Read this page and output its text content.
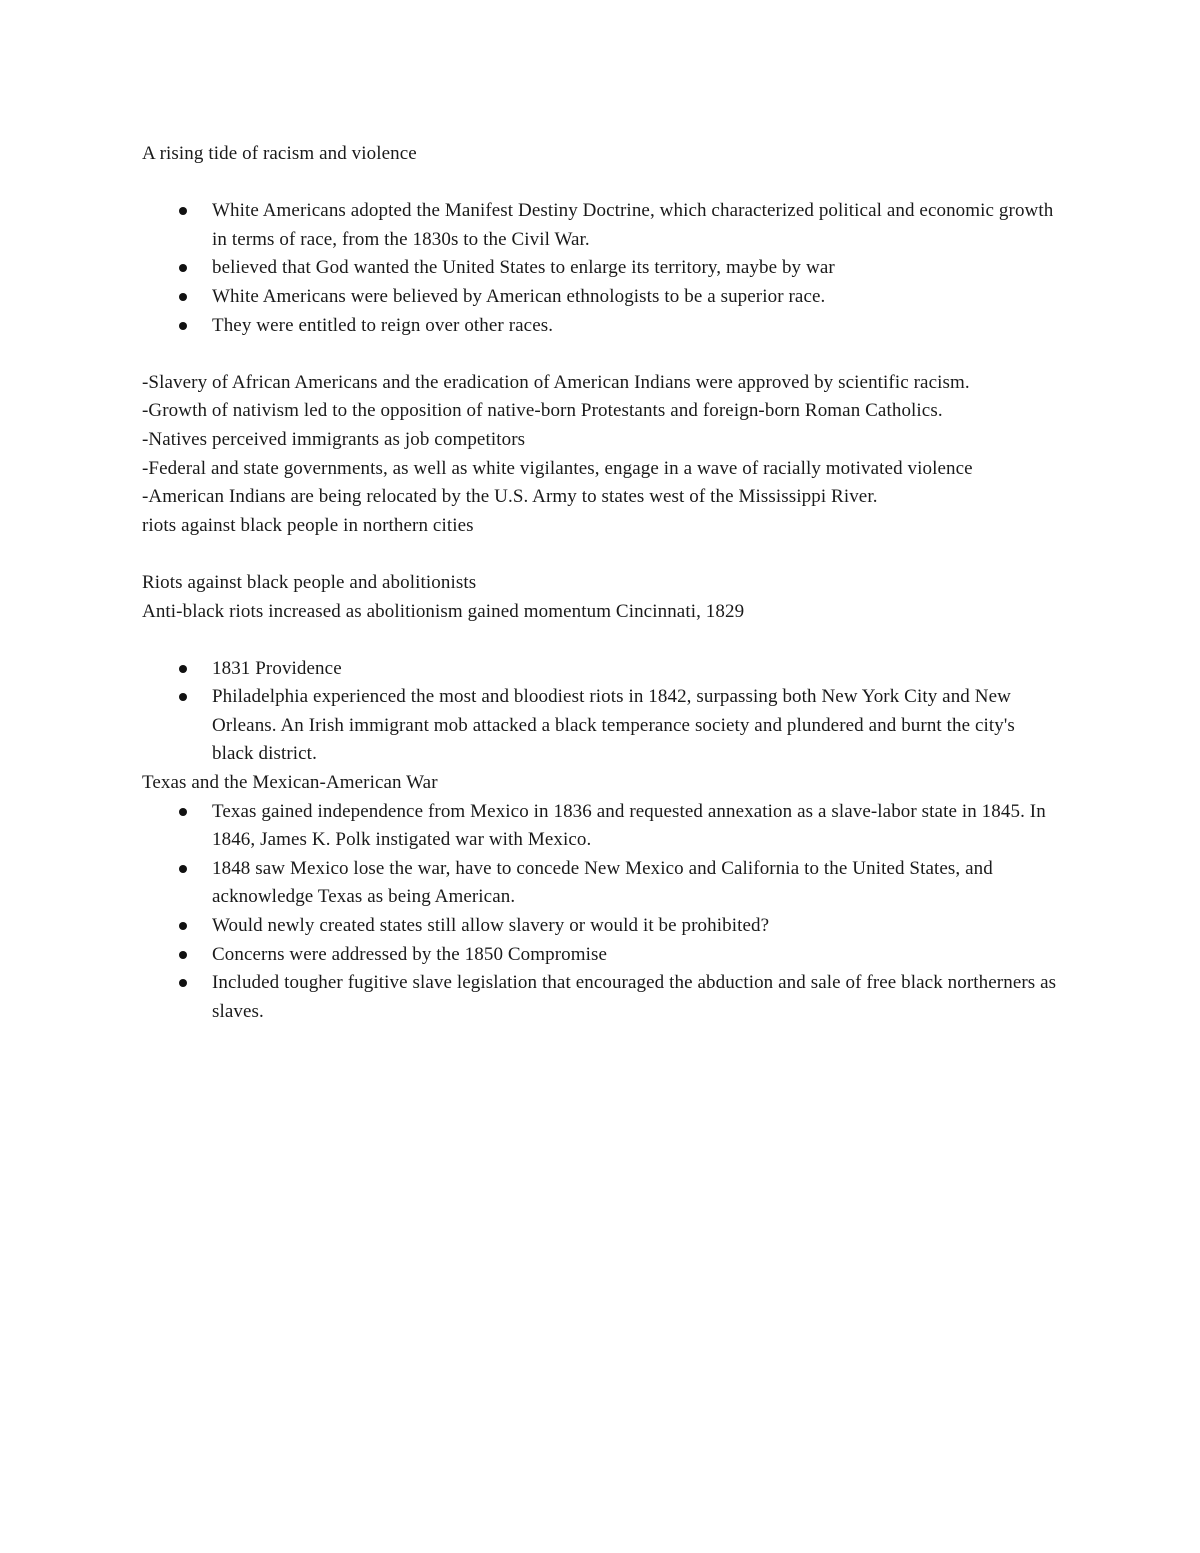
A rising tide of racism and violence

White Americans adopted the Manifest Destiny Doctrine, which characterized political and economic growth in terms of race, from the 1830s to the Civil War.
believed that God wanted the United States to enlarge its territory, maybe by war
White Americans were believed by American ethnologists to be a superior race.
They were entitled to reign over other races.

-Slavery of African Americans and the eradication of American Indians were approved by scientific racism.

-Growth of nativism led to the opposition of native-born Protestants and foreign-born Roman Catholics.

-Natives perceived immigrants as job competitors

-Federal and state governments, as well as white vigilantes, engage in a wave of racially motivated violence

-American Indians are being relocated by the U.S. Army to states west of the Mississippi River.

riots against black people in northern cities

Riots against black people and abolitionists

Anti-black riots increased as abolitionism gained momentum Cincinnati, 1829

1831 Providence
Philadelphia experienced the most and bloodiest riots in 1842, surpassing both New York City and New Orleans. An Irish immigrant mob attacked a black temperance society and plundered and burnt the city's black district.

Texas and the Mexican-American War

Texas gained independence from Mexico in 1836 and requested annexation as a slave-labor state in 1845. In 1846, James K. Polk instigated war with Mexico.
1848 saw Mexico lose the war, have to concede New Mexico and California to the United States, and acknowledge Texas as being American.
Would newly created states still allow slavery or would it be prohibited?
Concerns were addressed by the 1850 Compromise
Included tougher fugitive slave legislation that encouraged the abduction and sale of free black northerners as slaves.
